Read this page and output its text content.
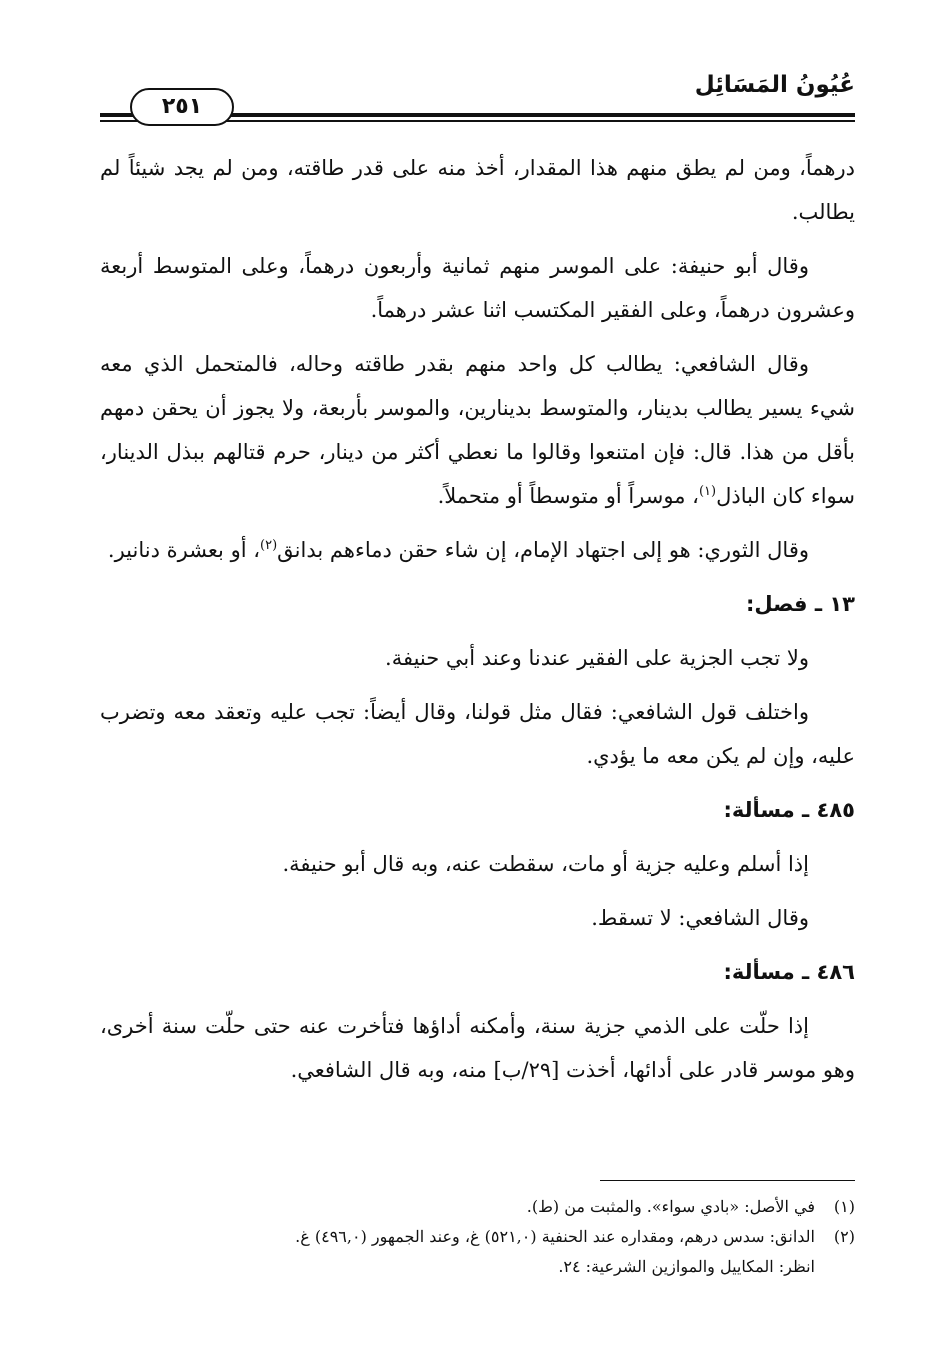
عُيُونُ المَسَائِل
٢٥١

درهماً، ومن لم يطق منهم هذا المقدار، أخذ منه على قدر طاقته، ومن لم يجد شيئاً لم يطالب.

وقال أبو حنيفة: على الموسر منهم ثمانية وأربعون درهماً، وعلى المتوسط أربعة وعشرون درهماً، وعلى الفقير المكتسب اثنا عشر درهماً.

وقال الشافعي: يطالب كل واحد منهم بقدر طاقته وحاله، فالمتحمل الذي معه شيء يسير يطالب بدينار، والمتوسط بدينارين، والموسر بأربعة، ولا يجوز أن يحقن دمهم بأقل من هذا. قال: فإن امتنعوا وقالوا ما نعطي أكثر من دينار، حرم قتالهم ببذل الدينار، سواء كان الباذل$^{(١)}$، موسراً أو متوسطاً أو متحملاً.

وقال الثوري: هو إلى اجتهاد الإمام، إن شاء حقن دماءهم بدانق$^{(٢)}$، أو بعشرة دنانير.

١٣ ـ فصل:

ولا تجب الجزية على الفقير عندنا وعند أبي حنيفة.

واختلف قول الشافعي: فقال مثل قولنا، وقال أيضاً: تجب عليه وتعقد معه وتضرب عليه، وإن لم يكن معه ما يؤدي.

٤٨٥ ـ مسألة:

إذا أسلم وعليه جزية أو مات، سقطت عنه، وبه قال أبو حنيفة.

وقال الشافعي: لا تسقط.

٤٨٦ ـ مسألة:

إذا حلّت على الذمي جزية سنة، وأمكنه أداؤها فتأخرت عنه حتى حلّت سنة أخرى، وهو موسر قادر على أدائها، أخذت [٢٩/ب] منه، وبه قال الشافعي.

(١)
في الأصل: «بادي سواء». والمثبت من (ط).

(٢)
الدانق: سدس درهم، ومقداره عند الحنفية (٥٢١,٠) غ، وعند الجمهور (٤٩٦,٠) غ.

انظر: المكاييل والموازين الشرعية: ٢٤.
